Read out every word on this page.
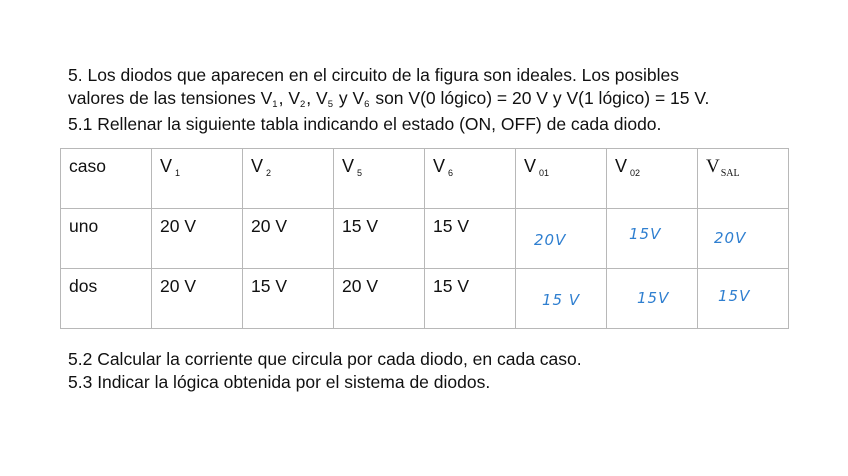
5. Los diodos que aparecen en el circuito de la figura son ideales. Los posibles
valores de las tensiones $V_1$, $V_2$, $V_5$ y $V_6$ son V(0 lógico) = 20 V y V(1 lógico) = 15 V.
5.1 Rellenar la siguiente tabla indicando el estado (ON, OFF) de cada diodo.
caso	V $_1$	V $_2$	V $_5$	V $_6$	V $_{01}$	V $_{02}$	$V_{SAL}$

uno	20 V	20 V	15 V	15 V	20V	15V	20V

dos	20 V	15 V	20 V	15 V	15 V	15V	15V
5.2 Calcular la corriente que circula por cada diodo, en cada caso.
5.3 Indicar la lógica obtenida por el sistema de diodos.
